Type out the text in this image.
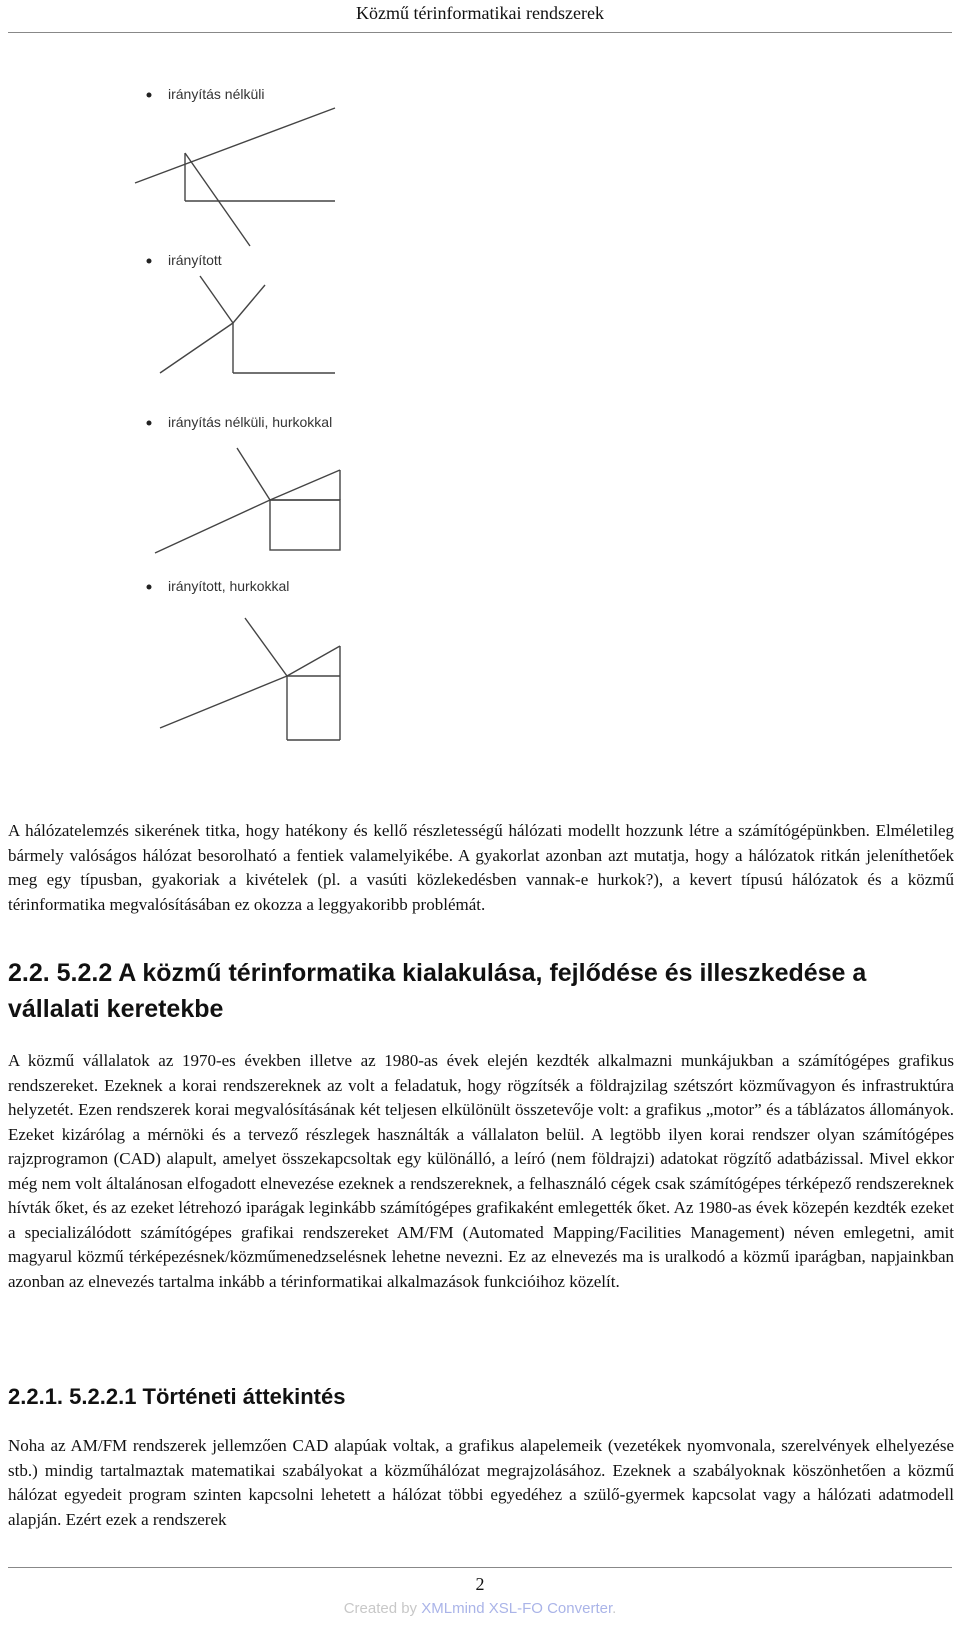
Közmű térinformatikai rendszerek
irányítás nélküli
irányított
irányítás nélküli, hurkokkal
irányított, hurkokkal

A hálózatelemzés sikerének titka, hogy hatékony és kellő részletességű hálózati modellt hozzunk létre a számítógépünkben. Elméletileg bármely valóságos hálózat besorolható a fentiek valamelyikébe. A gyakorlat azonban azt mutatja, hogy a hálózatok ritkán jeleníthetőek meg egy típusban, gyakoriak a kivételek (pl. a vasúti közlekedésben vannak-e hurkok?), a kevert típusú hálózatok és a közmű térinformatika megvalósításában ez okozza a leggyakoribb problémát.

2.2. 5.2.2 A közmű térinformatika kialakulása, fejlődése és illeszkedése a vállalati keretekbe

A közmű vállalatok az 1970-es években illetve az 1980-as évek elején kezdték alkalmazni munkájukban a számítógépes grafikus rendszereket. Ezeknek a korai rendszereknek az volt a feladatuk, hogy rögzítsék a földrajzilag szétszórt közművagyon és infrastruktúra helyzetét. Ezen rendszerek korai megvalósításának két teljesen elkülönült összetevője volt: a grafikus „motor” és a táblázatos állományok. Ezeket kizárólag a mérnöki és a tervező részlegek használták a vállalaton belül. A legtöbb ilyen korai rendszer olyan számítógépes rajzprogramon (CAD) alapult, amelyet összekapcsoltak egy különálló, a leíró (nem földrajzi) adatokat rögzítő adatbázissal. Mivel ekkor még nem volt általánosan elfogadott elnevezése ezeknek a rendszereknek, a felhasználó cégek csak számítógépes térképező rendszereknek hívták őket, és az ezeket létrehozó iparágak leginkább számítógépes grafikaként emlegették őket. Az 1980-as évek közepén kezdték ezeket a specializálódott számítógépes grafikai rendszereket AM/FM (Automated Mapping/Facilities Management) néven emlegetni, amit magyarul közmű térképezésnek/közműmenedzselésnek lehetne nevezni. Ez az elnevezés ma is uralkodó a közmű iparágban, napjainkban azonban az elnevezés tartalma inkább a térinformatikai alkalmazások funkcióihoz közelít.

2.2.1. 5.2.2.1 Történeti áttekintés

Noha az AM/FM rendszerek jellemzően CAD alapúak voltak, a grafikus alapelemeik (vezetékek nyomvonala, szerelvények elhelyezése stb.) mindig tartalmaztak matematikai szabályokat a közműhálózat megrajzolásához. Ezeknek a szabályoknak köszönhetően a közmű hálózat egyedeit program szinten kapcsolni lehetett a hálózat többi egyedéhez a szülő-gyermek kapcsolat vagy a hálózati adatmodell alapján. Ezért ezek a rendszerek

2
Created by XMLmind XSL-FO Converter.
